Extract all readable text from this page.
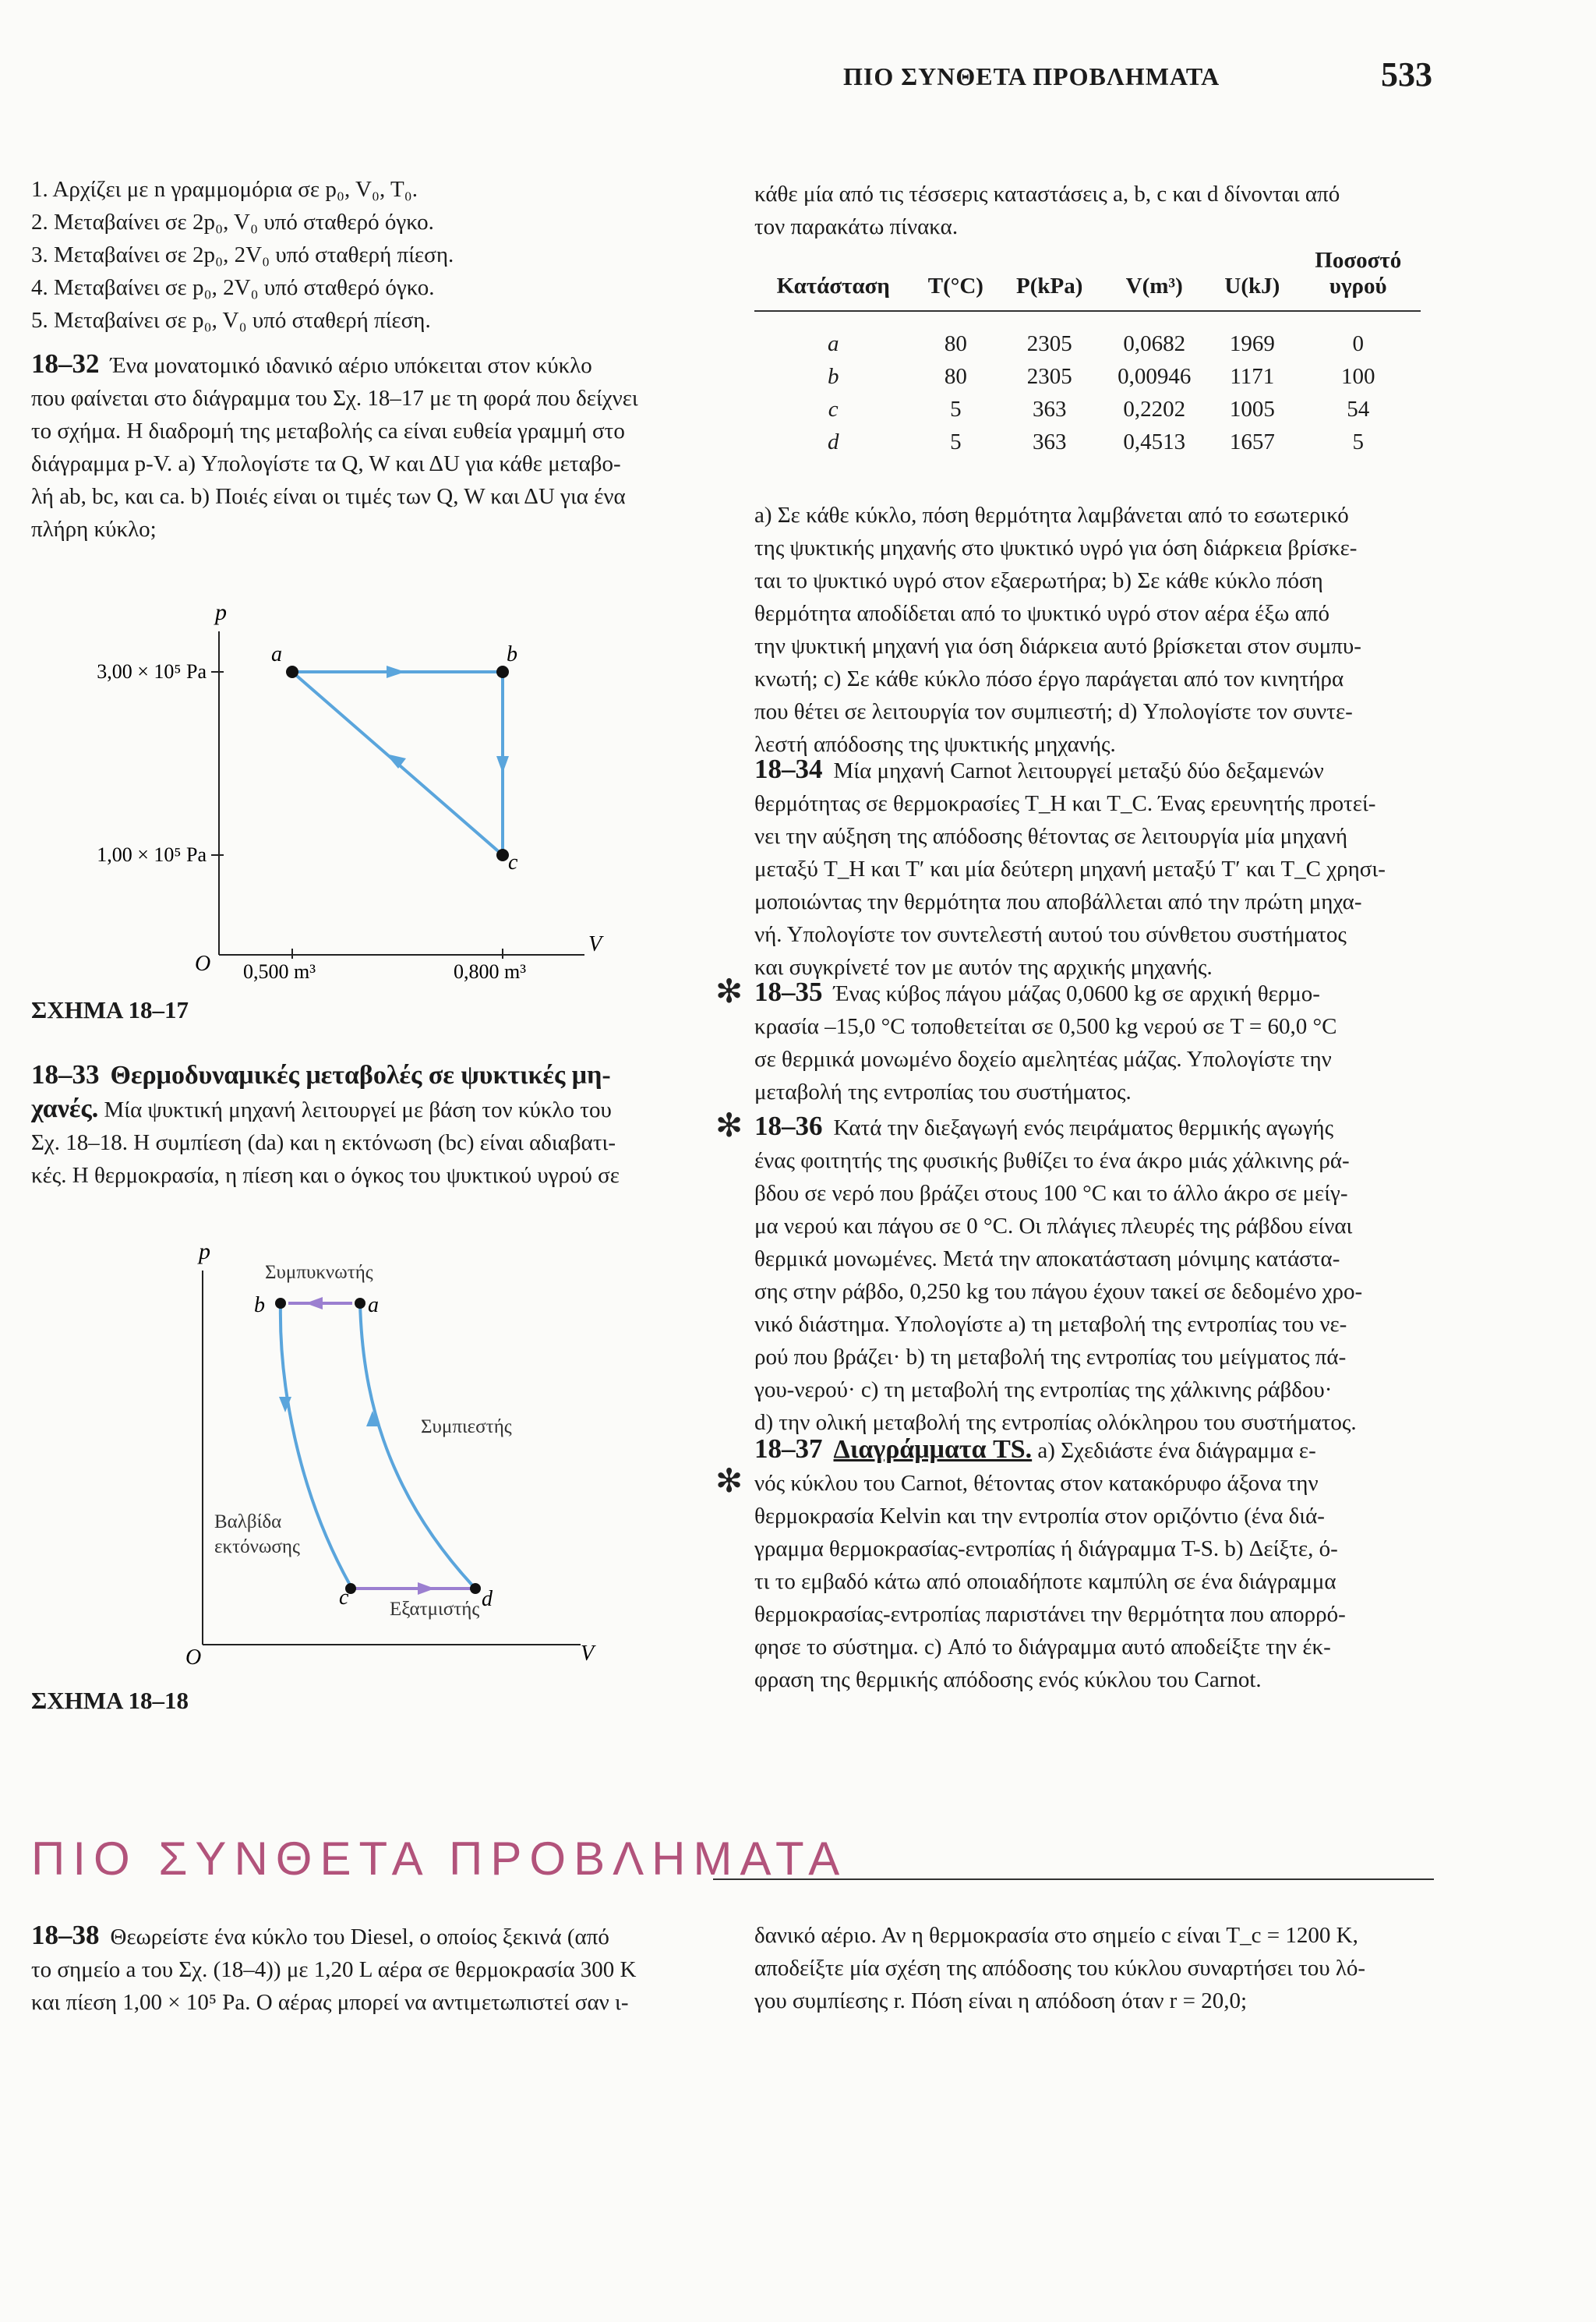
ΠΙΟ ΣΥΝΘΕΤΑ ΠΡΟΒΛΗΜΑΤΑ	533
1. Αρχίζει με n γραμμομόρια σε p₀, V₀, T₀.
2. Μεταβαίνει σε 2p₀, V₀ υπό σταθερό όγκο.
3. Μεταβαίνει σε 2p₀, 2V₀ υπό σταθερή πίεση.
4. Μεταβαίνει σε p₀, 2V₀ υπό σταθερό όγκο.
5. Μεταβαίνει σε p₀, V₀ υπό σταθερή πίεση.
18–32 Ένα μονατομικό ιδανικό αέριο υπόκειται στον κύκλο
που φαίνεται στο διάγραμμα του Σχ. 18–17 με τη φορά που δείχνει
το σχήμα. Η διαδρομή της μεταβολής ca είναι ευθεία γραμμή στο
διάγραμμα p-V. a) Υπολογίστε τα Q, W και ΔU για κάθε μεταβο-
λή ab, bc, και ca. b) Ποιές είναι οι τιμές των Q, W και ΔU για ένα
πλήρη κύκλο;
p
V
O
3,00 × 10⁵ Pa
1,00 × 10⁵ Pa
0,500 m³	0,800 m³
a	b
c
ΣΧΗΜΑ 18–17
18–33 Θερμοδυναμικές μεταβολές σε ψυκτικές μη-
χανές. Μία ψυκτική μηχανή λειτουργεί με βάση τον κύκλο του
Σχ. 18–18. Η συμπίεση (da) και η εκτόνωση (bc) είναι αδιαβατι-
κές. Η θερμοκρασία, η πίεση και ο όγκος του ψυκτικού υγρού σε
p
V
O
Συμπυκνωτής
Συμπιεστής
Βαλβίδα
εκτόνωσης
Εξατμιστής
b	a
c	d
ΣΧΗΜΑ 18–18
κάθε μία από τις τέσσερις καταστάσεις a, b, c και d δίνονται από
τον παρακάτω πίνακα.
Κατάσταση	T(°C)	P(kPa)	V(m³)	U(kJ)	Ποσοστό
υγρού
a	80	2305	0,0682	1969	0
b	80	2305	0,00946	1171	100
c	5	363	0,2202	1005	54
d	5	363	0,4513	1657	5
a) Σε κάθε κύκλο, πόση θερμότητα λαμβάνεται από το εσωτερικό
της ψυκτικής μηχανής στο ψυκτικό υγρό για όση διάρκεια βρίσκε-
ται το ψυκτικό υγρό στον εξαερωτήρα; b) Σε κάθε κύκλο πόση
θερμότητα αποδίδεται από το ψυκτικό υγρό στον αέρα έξω από
την ψυκτική μηχανή για όση διάρκεια αυτό βρίσκεται στον συμπυ-
κνωτή; c) Σε κάθε κύκλο πόσο έργο παράγεται από τον κινητήρα
που θέτει σε λειτουργία τον συμπιεστή; d) Υπολογίστε τον συντε-
λεστή απόδοσης της ψυκτικής μηχανής.
18–34 Μία μηχανή Carnot λειτουργεί μεταξύ δύο δεξαμενών
θερμότητας σε θερμοκρασίες T_H και T_C. Ένας ερευνητής προτεί-
νει την αύξηση της απόδοσης θέτοντας σε λειτουργία μία μηχανή
μεταξύ T_H και T′ και μία δεύτερη μηχανή μεταξύ T′ και T_C χρησι-
μοποιώντας την θερμότητα που αποβάλλεται από την πρώτη μηχα-
νή. Υπολογίστε τον συντελεστή αυτού του σύνθετου συστήματος
και συγκρίνετέ τον με αυτόν της αρχικής μηχανής.
✻ 18–35 Ένας κύβος πάγου μάζας 0,0600 kg σε αρχική θερμο-
κρασία –15,0 °C τοποθετείται σε 0,500 kg νερού σε T = 60,0 °C
σε θερμικά μονωμένο δοχείο αμελητέας μάζας. Υπολογίστε την
μεταβολή της εντροπίας του συστήματος.
✻ 18–36 Κατά την διεξαγωγή ενός πειράματος θερμικής αγωγής
ένας φοιτητής της φυσικής βυθίζει το ένα άκρο μιάς χάλκινης ρά-
βδου σε νερό που βράζει στους 100 °C και το άλλο άκρο σε μείγ-
μα νερού και πάγου σε 0 °C. Οι πλάγιες πλευρές της ράβδου είναι
θερμικά μονωμένες. Μετά την αποκατάσταση μόνιμης κατάστα-
σης στην ράβδο, 0,250 kg του πάγου έχουν τακεί σε δεδομένο χρο-
νικό διάστημα. Υπολογίστε a) τη μεταβολή της εντροπίας του νε-
ρού που βράζει· b) τη μεταβολή της εντροπίας του μείγματος πά-
γου-νερού· c) τη μεταβολή της εντροπίας της χάλκινης ράβδου·
d) την ολική μεταβολή της εντροπίας ολόκληρου του συστήματος.
✻
18–37 Διαγράμματα TS. a) Σχεδιάστε ένα διάγραμμα ε-
νός κύκλου του Carnot, θέτοντας στον κατακόρυφο άξονα την
θερμοκρασία Kelvin και την εντροπία στον οριζόντιο (ένα διά-
γραμμα θερμοκρασίας-εντροπίας ή διάγραμμα T-S. b) Δείξτε, ό-
τι το εμβαδό κάτω από οποιαδήποτε καμπύλη σε ένα διάγραμμα
θερμοκρασίας-εντροπίας παριστάνει την θερμότητα που απορρό-
φησε το σύστημα. c) Από το διάγραμμα αυτό αποδείξτε την έκ-
φραση της θερμικής απόδοσης ενός κύκλου του Carnot.
ΠΙΟ ΣΥΝΘΕΤΑ ΠΡΟΒΛΗΜΑΤΑ
18–38 Θεωρείστε ένα κύκλο του Diesel, ο οποίος ξεκινά (από
το σημείο a του Σχ. (18–4)) με 1,20 L αέρα σε θερμοκρασία 300 K
και πίεση 1,00 × 10⁵ Pa. Ο αέρας μπορεί να αντιμετωπιστεί σαν ι-
δανικό αέριο. Αν η θερμοκρασία στο σημείο c είναι T_c = 1200 K,
αποδείξτε μία σχέση της απόδοσης του κύκλου συναρτήσει του λό-
γου συμπίεσης r. Πόση είναι η απόδοση όταν r = 20,0;
